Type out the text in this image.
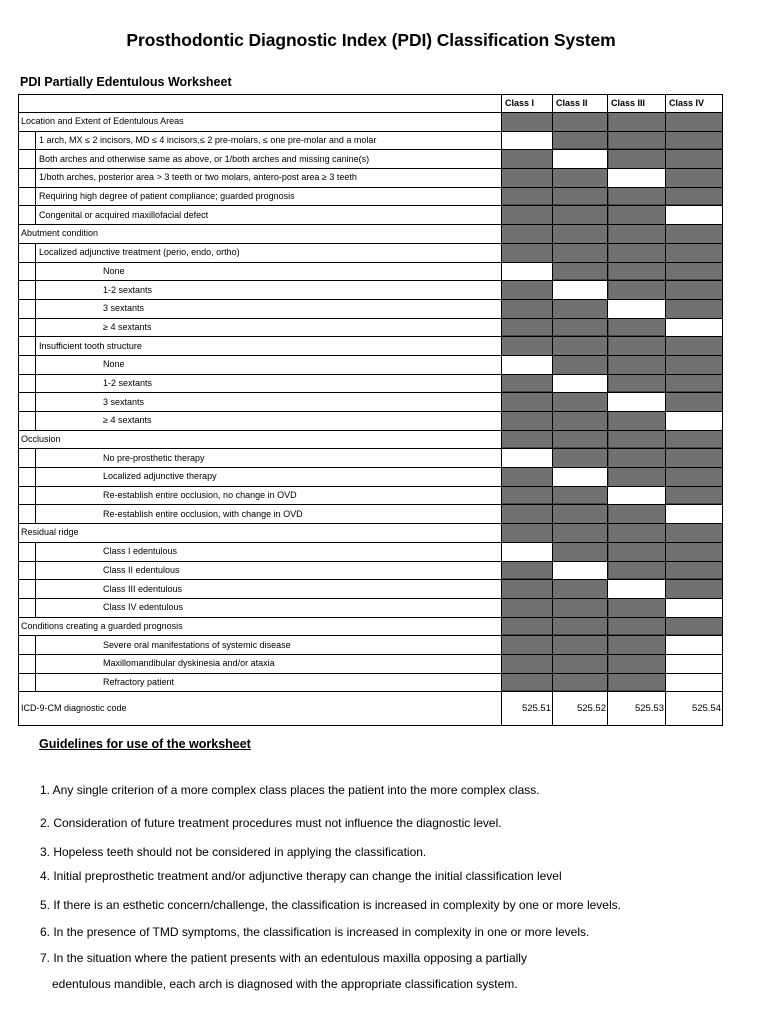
Prosthodontic Diagnostic Index (PDI) Classification System
PDI Partially Edentulous Worksheet
		Class I	Class II	Class III	Class IV
Location and Extent of Edentulous Areas					
	1 arch, MX ≤ 2 incisors, MD ≤ 4 incisors,≤ 2 pre-molars, ≤ one pre-molar and a molar				
	Both arches and otherwise same as above, or 1/both arches and missing canine(s)				
	1/both arches, posterior area > 3 teeth or two molars, antero-post area ≥ 3 teeth				
	Requiring high degree of patient compliance; guarded prognosis				
	Congenital or acquired maxillofacial defect				
Abutment condition					
	Localized adjunctive treatment (perio, endo, ortho)				
	None				
	1-2 sextants				
	3 sextants				
	≥ 4 sextants				
	Insufficient tooth structure				
	None				
	1-2 sextants				
	3 sextants				
	≥ 4 sextants				
Occlusion					
	No pre-prosthetic therapy				
	Localized adjunctive therapy				
	Re-establish entire occlusion, no change in OVD				
	Re-establish entire occlusion, with change in OVD				
Residual ridge					
	Class I edentulous				
	Class II edentulous				
	Class III edentulous				
	Class IV edentulous				
Conditions creating a guarded prognosis					
	Severe oral manifestations of systemic disease				
	Maxillomandibular dyskinesia and/or ataxia				
	Refractory patient				
ICD-9-CM diagnostic code		525.51	525.52	525.53	525.54
Guidelines for use of the worksheet
1. Any single criterion of a more complex class places the patient into the more complex class.
2. Consideration of future treatment procedures must not influence the diagnostic level.
3. Hopeless teeth should not be considered in applying the classification.
4. Initial preprosthetic treatment and/or adjunctive therapy can change the initial classification level
5. If there is an esthetic concern/challenge, the classification is increased in complexity by one or more levels.
6. In the presence of TMD symptoms, the classification is increased in complexity in one or more levels.
7. In the situation where the patient presents with an edentulous maxilla opposing a partially
edentulous mandible, each arch is diagnosed with the appropriate classification system.
